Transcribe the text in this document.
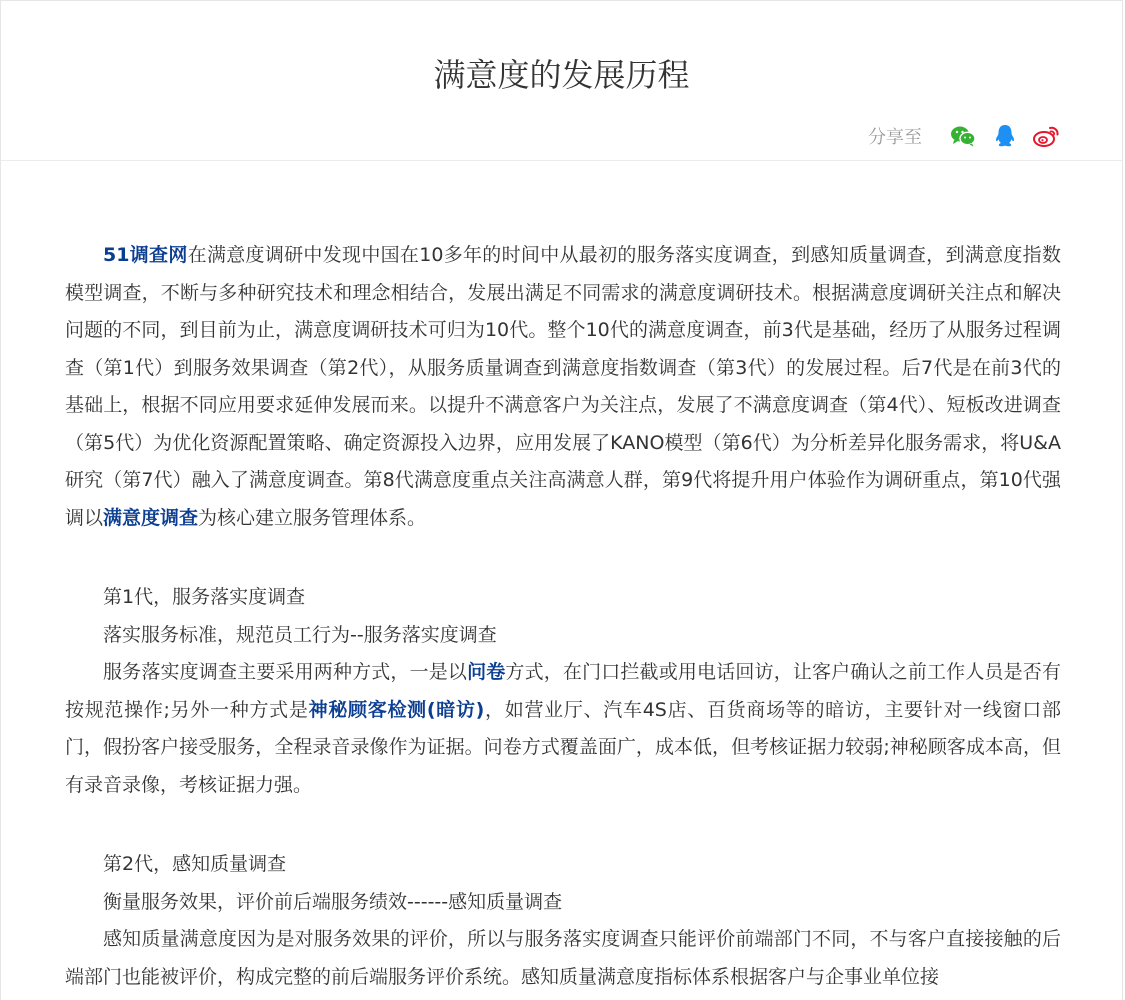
满意度的发展历程
分享至

51调查网在满意度调研中发现中国在10多年的时间中从最初的服务落实度调查，到感知质量调查，到满意度指数模型调查，不断与多种研究技术和理念相结合，发展出满足不同需求的满意度调研技术。根据满意度调研关注点和解决问题的不同，到目前为止，满意度调研技术可归为10代。整个10代的满意度调查，前3代是基础，经历了从服务过程调查（第1代）到服务效果调查（第2代），从服务质量调查到满意度指数调查（第3代）的发展过程。后7代是在前3代的基础上，根据不同应用要求延伸发展而来。以提升不满意客户为关注点，发展了不满意度调查（第4代）、短板改进调查（第5代）为优化资源配置策略、确定资源投入边界，应用发展了KANO模型（第6代）为分析差异化服务需求，将U&A研究（第7代）融入了满意度调查。第8代满意度重点关注高满意人群，第9代将提升用户体验作为调研重点，第10代强调以满意度调查为核心建立服务管理体系。

第1代，服务落实度调查

落实服务标准，规范员工行为--服务落实度调查

服务落实度调查主要采用两种方式，一是以问卷方式，在门口拦截或用电话回访，让客户确认之前工作人员是否有按规范操作;另外一种方式是神秘顾客检测(暗访)，如营业厅、汽车4S店、百货商场等的暗访，主要针对一线窗口部门，假扮客户接受服务，全程录音录像作为证据。问卷方式覆盖面广，成本低，但考核证据力较弱;神秘顾客成本高，但有录音录像，考核证据力强。

第2代，感知质量调查

衡量服务效果，评价前后端服务绩效------感知质量调查

感知质量满意度因为是对服务效果的评价，所以与服务落实度调查只能评价前端部门不同，不与客户直接接触的后端部门也能被评价，构成完整的前后端服务评价系统。感知质量满意度指标体系根据客户与企事业单位接
